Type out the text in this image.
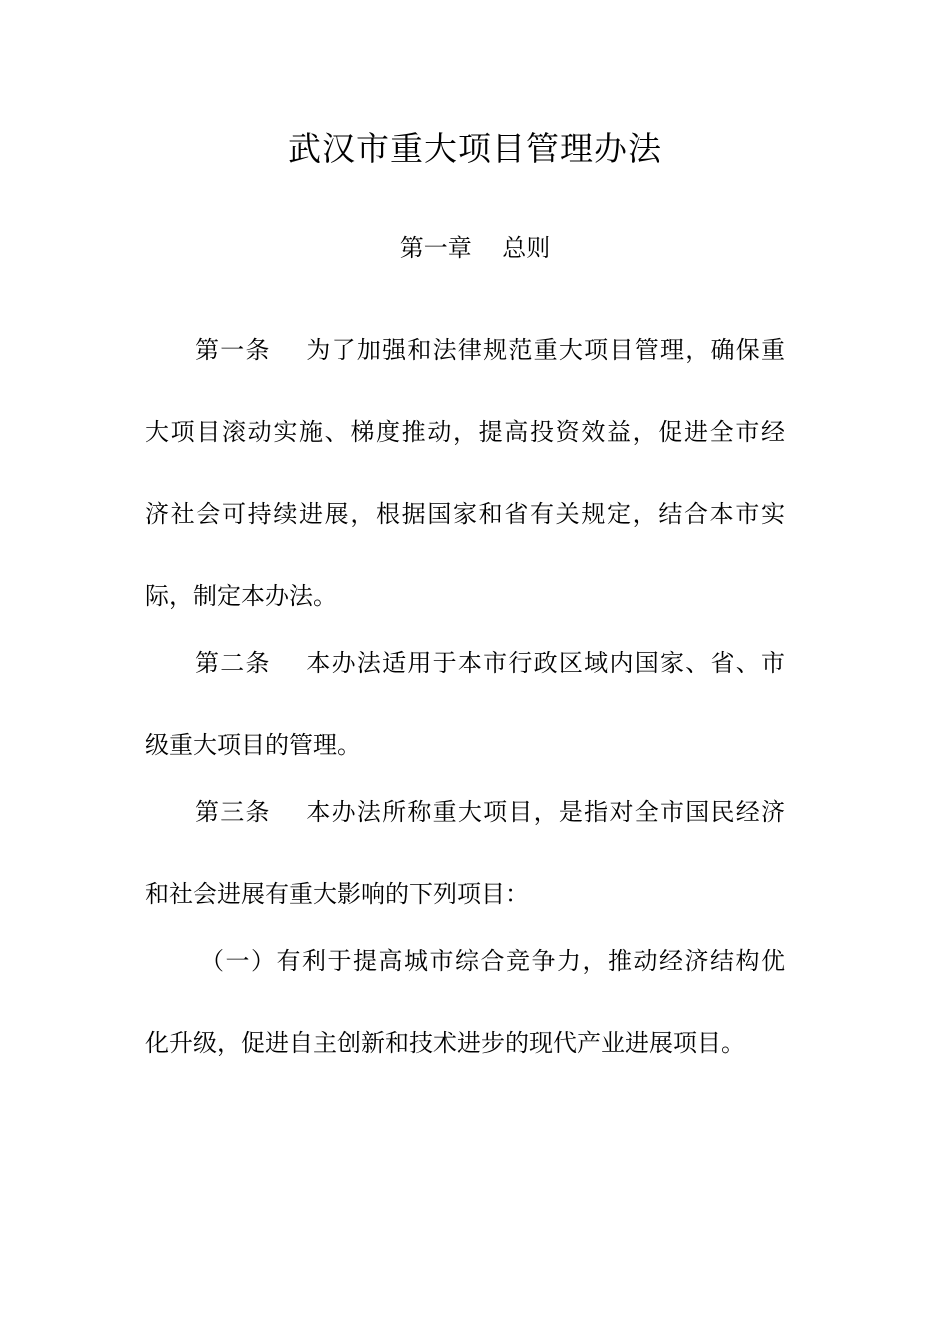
武汉市重大项目管理办法
第一章    总则
第一条    为了加强和法律规范重大项目管理，确保重
大项目滚动实施、梯度推动，提高投资效益，促进全市经
济社会可持续进展，根据国家和省有关规定，结合本市实
际，制定本办法。
第二条    本办法适用于本市行政区域内国家、省、市
级重大项目的管理。
第三条    本办法所称重大项目，是指对全市国民经济
和社会进展有重大影响的下列项目：
（一）有利于提高城市综合竞争力，推动经济结构优
化升级，促进自主创新和技术进步的现代产业进展项目。
